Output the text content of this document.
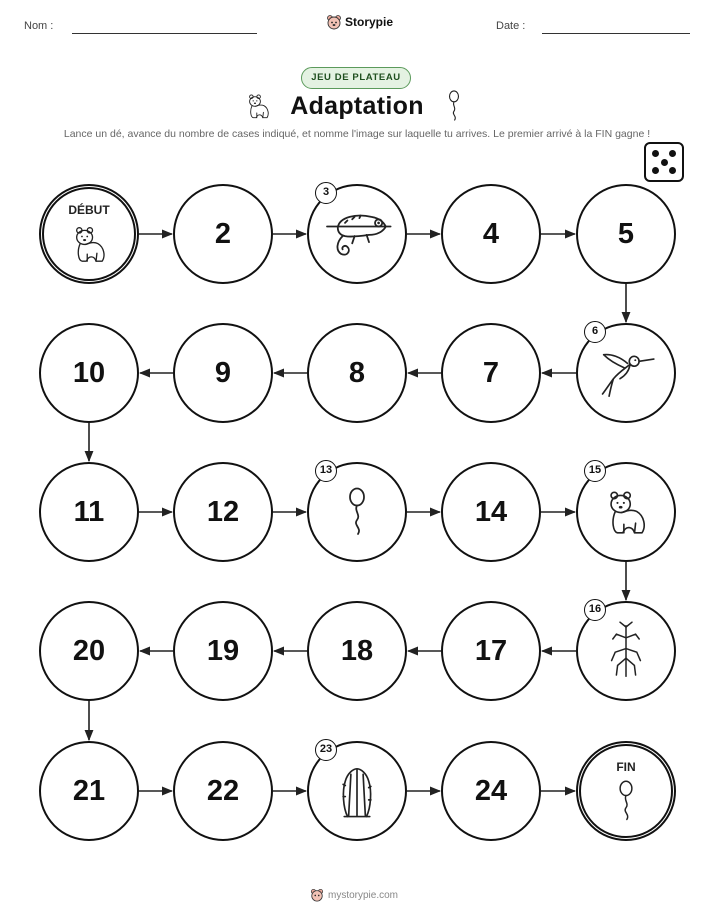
Nom :	Storypie	Date :
JEU DE PLATEAU
Adaptation
Lance un dé, avance du nombre de cases indiqué, et nomme l'image sur laquelle tu arrives. Le premier arrivé à la FIN gagne !
DÉBUT
2
3
4	5
6
7
8
9
10
11	12
13
14
15
16
17
18
19
20
21	22
23
24
FIN
mystorypie.com
